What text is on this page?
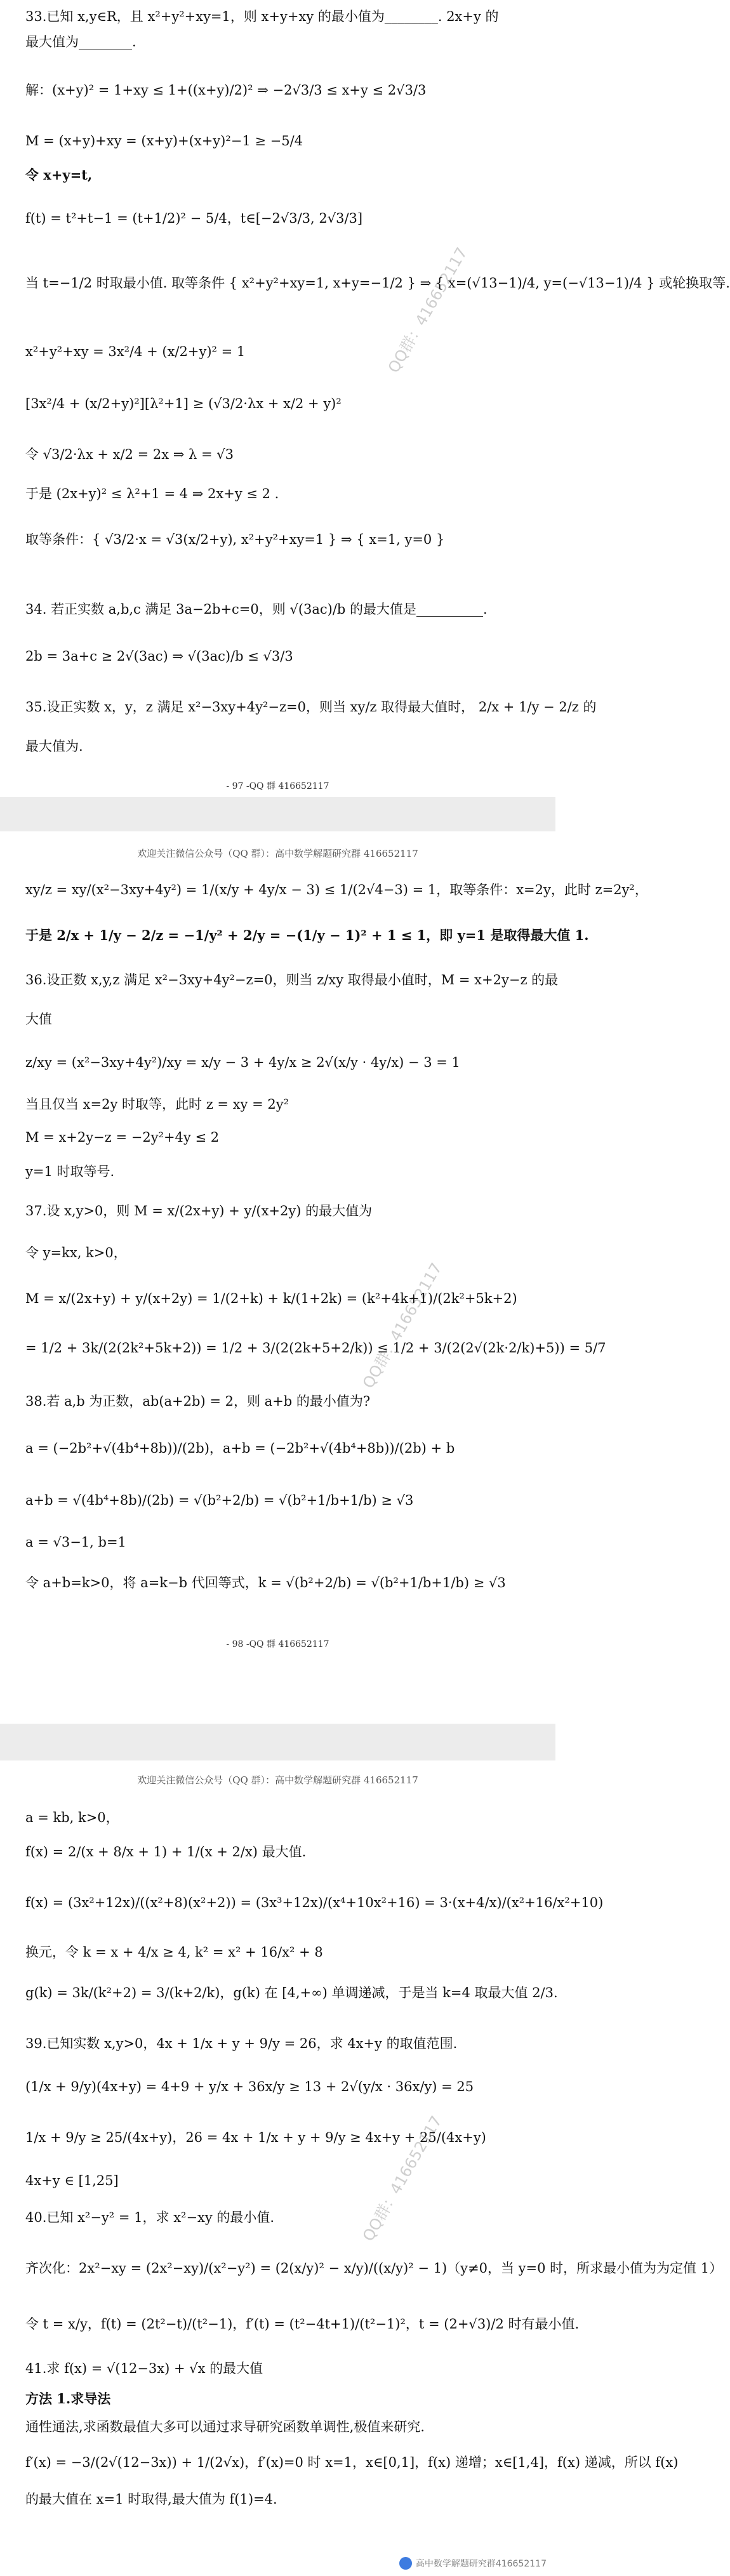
QQ群：416652117
33.已知 x,y∈R，且 x²+y²+xy=1，则 x+y+xy 的最小值为________. 2x+y 的
最大值为________.
解：(x+y)² = 1+xy ≤ 1+((x+y)/2)² ⇒ −2√3/3 ≤ x+y ≤ 2√3/3
M = (x+y)+xy = (x+y)+(x+y)²−1 ≥ −5/4
令 x+y=t,
f(t) = t²+t−1 = (t+1/2)² − 5/4，t∈[−2√3/3, 2√3/3]
当 t=−1/2 时取最小值. 取等条件 { x²+y²+xy=1, x+y=−1/2 } ⇒ { x=(√13−1)/4, y=(−√13−1)/4 } 或轮换取等.
x²+y²+xy = 3x²/4 + (x/2+y)² = 1
[3x²/4 + (x/2+y)²][λ²+1] ≥ (√3/2·λx + x/2 + y)²
令 √3/2·λx + x/2 = 2x ⇒ λ = √3
于是 (2x+y)² ≤ λ²+1 = 4 ⇒ 2x+y ≤ 2 .
取等条件：{ √3/2·x = √3(x/2+y), x²+y²+xy=1 } ⇒ { x=1, y=0 }
34. 若正实数 a,b,c 满足 3a−2b+c=0，则 √(3ac)/b 的最大值是__________.
2b = 3a+c ≥ 2√(3ac) ⇒ √(3ac)/b ≤ √3/3
35.设正实数 x，y，z 满足 x²−3xy+4y²−z=0，则当 xy/z 取得最大值时， 2/x + 1/y − 2/z 的
最大值为.
- 97 -QQ 群 416652117
欢迎关注微信公众号（QQ 群）：高中数学解题研究群 416652117
QQ群：416652117
xy/z = xy/(x²−3xy+4y²) = 1/(x/y + 4y/x − 3) ≤ 1/(2√4−3) = 1，取等条件：x=2y，此时 z=2y²，
于是 2/x + 1/y − 2/z = −1/y² + 2/y = −(1/y − 1)² + 1 ≤ 1，即 y=1 是取得最大值 1.
36.设正数 x,y,z 满足 x²−3xy+4y²−z=0，则当 z/xy 取得最小值时，M = x+2y−z 的最
大值
z/xy = (x²−3xy+4y²)/xy = x/y − 3 + 4y/x ≥ 2√(x/y · 4y/x) − 3 = 1
当且仅当 x=2y 时取等，此时 z = xy = 2y²
M = x+2y−z = −2y²+4y ≤ 2
y=1 时取等号.
37.设 x,y>0，则 M = x/(2x+y) + y/(x+2y) 的最大值为
令 y=kx, k>0，
M = x/(2x+y) + y/(x+2y) = 1/(2+k) + k/(1+2k) = (k²+4k+1)/(2k²+5k+2)
= 1/2 + 3k/(2(2k²+5k+2)) = 1/2 + 3/(2(2k+5+2/k)) ≤ 1/2 + 3/(2(2√(2k·2/k)+5)) = 5/7
38.若 a,b 为正数，ab(a+2b) = 2，则 a+b 的最小值为?
a = (−2b²+√(4b⁴+8b))/(2b)，a+b = (−2b²+√(4b⁴+8b))/(2b) + b
a+b = √(4b⁴+8b)/(2b) = √(b²+2/b) = √(b²+1/b+1/b) ≥ √3
a = √3−1, b=1
令 a+b=k>0，将 a=k−b 代回等式，k = √(b²+2/b) = √(b²+1/b+1/b) ≥ √3
- 98 -QQ 群 416652117
欢迎关注微信公众号（QQ 群）：高中数学解题研究群 416652117
QQ群：416652117
a = kb, k>0，
f(x) = 2/(x + 8/x + 1) + 1/(x + 2/x) 最大值.
f(x) = (3x²+12x)/((x²+8)(x²+2)) = (3x³+12x)/(x⁴+10x²+16) = 3·(x+4/x)/(x²+16/x²+10)
换元，令 k = x + 4/x ≥ 4, k² = x² + 16/x² + 8
g(k) = 3k/(k²+2) = 3/(k+2/k)，g(k) 在 [4,+∞) 单调递减，于是当 k=4 取最大值 2/3.
39.已知实数 x,y>0，4x + 1/x + y + 9/y = 26，求 4x+y 的取值范围.
(1/x + 9/y)(4x+y) = 4+9 + y/x + 36x/y ≥ 13 + 2√(y/x · 36x/y) = 25
1/x + 9/y ≥ 25/(4x+y)，26 = 4x + 1/x + y + 9/y ≥ 4x+y + 25/(4x+y)
4x+y ∈ [1,25]
40.已知 x²−y² = 1，求 x²−xy 的最小值.
齐次化：2x²−xy = (2x²−xy)/(x²−y²) = (2(x/y)² − x/y)/((x/y)² − 1)（y≠0，当 y=0 时，所求最小值为为定值 1）
令 t = x/y，f(t) = (2t²−t)/(t²−1)，f′(t) = (t²−4t+1)/(t²−1)²，t = (2+√3)/2 时有最小值.
41.求 f(x) = √(12−3x) + √x 的最大值
方法 1.求导法
通性通法,求函数最值大多可以通过求导研究函数单调性,极值来研究.
f′(x) = −3/(2√(12−3x)) + 1/(2√x)，f′(x)=0 时 x=1，x∈[0,1]，f(x) 递增；x∈[1,4]，f(x) 递减，所以 f(x)
的最大值在 x=1 时取得,最大值为 f(1)=4.
高中数学解题研究群416652117
